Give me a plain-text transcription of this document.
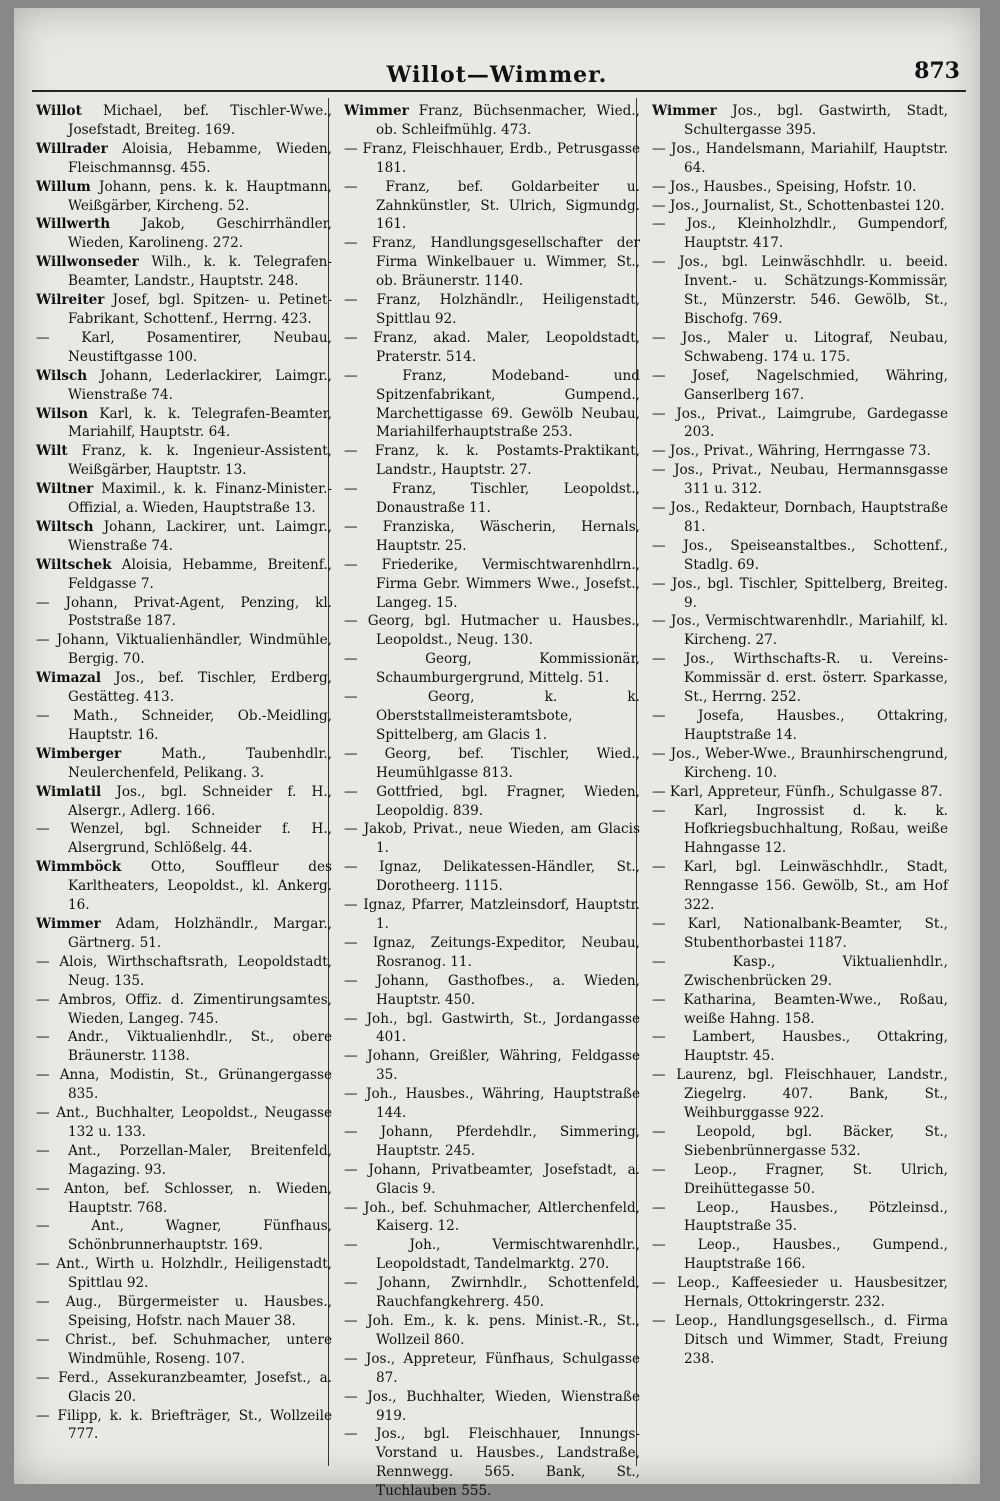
Willot—Wimmer.	873
Willot Michael, bef. Tischler-Wwe., Josefstadt, Breiteg. 169.
Willrader Aloisia, Hebamme, Wieden, Fleischmannsg. 455.
Willum Johann, pens. k. k. Hauptmann, Weißgärber, Kircheng. 52.
Willwerth Jakob, Geschirrhändler, Wieden, Karolineng. 272.
Willwonseder Wilh., k. k. Telegrafen-Beamter, Landstr., Hauptstr. 248.
Wilreiter Josef, bgl. Spitzen- u. Petinet-Fabrikant, Schottenf., Herrng. 423.
— Karl, Posamentirer, Neubau, Neustiftgasse 100.
Wilsch Johann, Lederlackirer, Laimgr., Wienstraße 74.
Wilson Karl, k. k. Telegrafen-Beamter, Mariahilf, Hauptstr. 64.
Wilt Franz, k. k. Ingenieur-Assistent, Weißgärber, Hauptstr. 13.
Wiltner Maximil., k. k. Finanz-Minister.-Offizial, a. Wieden, Hauptstraße 13.
Wiltsch Johann, Lackirer, unt. Laimgr., Wienstraße 74.
Wiltschek Aloisia, Hebamme, Breitenf., Feldgasse 7.
— Johann, Privat-Agent, Penzing, kl. Poststraße 187.
— Johann, Viktualienhändler, Windmühle, Bergig. 70.
Wimazal Jos., bef. Tischler, Erdberg, Gestätteg. 413.
— Math., Schneider, Ob.-Meidling, Hauptstr. 16.
Wimberger Math., Taubenhdlr., Neulerchenfeld, Pelikang. 3.
Wimlatil Jos., bgl. Schneider f. H., Alsergr., Adlerg. 166.
— Wenzel, bgl. Schneider f. H., Alsergrund, Schlößelg. 44.
Wimmböck Otto, Souffleur des Karltheaters, Leopoldst., kl. Ankerg. 16.
Wimmer Adam, Holzhändlr., Margar., Gärtnerg. 51.
— Alois, Wirthschaftsrath, Leopoldstadt, Neug. 135.
— Ambros, Offiz. d. Zimentirungsamtes, Wieden, Langeg. 745.
— Andr., Viktualienhdlr., St., obere Bräunerstr. 1138.
— Anna, Modistin, St., Grünangergasse 835.
— Ant., Buchhalter, Leopoldst., Neugasse 132 u. 133.
— Ant., Porzellan-Maler, Breitenfeld, Magazing. 93.
— Anton, bef. Schlosser, n. Wieden, Hauptstr. 768.
— Ant., Wagner, Fünfhaus, Schönbrunnerhauptstr. 169.
— Ant., Wirth u. Holzhdlr., Heiligenstadt, Spittlau 92.
— Aug., Bürgermeister u. Hausbes., Speising, Hofstr. nach Mauer 38.
— Christ., bef. Schuhmacher, untere Windmühle, Roseng. 107.
— Ferd., Assekuranzbeamter, Josefst., a. Glacis 20.
— Filipp, k. k. Briefträger, St., Wollzeile 777.
Wimmer Franz, Büchsenmacher, Wied., ob. Schleifmühlg. 473.
— Franz, Fleischhauer, Erdb., Petrusgasse 181.
— Franz, bef. Goldarbeiter u. Zahnkünstler, St. Ulrich, Sigmundg. 161.
— Franz, Handlungsgesellschafter der Firma Winkelbauer u. Wimmer, St., ob. Bräunerstr. 1140.
— Franz, Holzhändlr., Heiligenstadt, Spittlau 92.
— Franz, akad. Maler, Leopoldstadt, Praterstr. 514.
— Franz, Modeband- und Spitzenfabrikant, Gumpend., Marchettigasse 69. Gewölb Neubau, Mariahilferhauptstraße 253.
— Franz, k. k. Postamts-Praktikant, Landstr., Hauptstr. 27.
— Franz, Tischler, Leopoldst., Donaustraße 11.
— Franziska, Wäscherin, Hernals, Hauptstr. 25.
— Friederike, Vermischtwarenhdlrn., Firma Gebr. Wimmers Wwe., Josefst., Langeg. 15.
— Georg, bgl. Hutmacher u. Hausbes., Leopoldst., Neug. 130.
— Georg, Kommissionär, Schaumburgergrund, Mittelg. 51.
— Georg, k. k. Oberststallmeisteramtsbote, Spittelberg, am Glacis 1.
— Georg, bef. Tischler, Wied., Heumühlgasse 813.
— Gottfried, bgl. Fragner, Wieden, Leopoldig. 839.
— Jakob, Privat., neue Wieden, am Glacis 1.
— Ignaz, Delikatessen-Händler, St., Dorotheerg. 1115.
— Ignaz, Pfarrer, Matzleinsdorf, Hauptstr. 1.
— Ignaz, Zeitungs-Expeditor, Neubau, Rosranog. 11.
— Johann, Gasthofbes., a. Wieden, Hauptstr. 450.
— Joh., bgl. Gastwirth, St., Jordangasse 401.
— Johann, Greißler, Währing, Feldgasse 35.
— Joh., Hausbes., Währing, Hauptstraße 144.
— Johann, Pferdehdlr., Simmering, Hauptstr. 245.
— Johann, Privatbeamter, Josefstadt, a. Glacis 9.
— Joh., bef. Schuhmacher, Altlerchenfeld, Kaiserg. 12.
— Joh., Vermischtwarenhdlr., Leopoldstadt, Tandelmarktg. 270.
— Johann, Zwirnhdlr., Schottenfeld, Rauchfangkehrerg. 450.
— Joh. Em., k. k. pens. Minist.-R., St., Wollzeil 860.
— Jos., Appreteur, Fünfhaus, Schulgasse 87.
— Jos., Buchhalter, Wieden, Wienstraße 919.
— Jos., bgl. Fleischhauer, Innungs-Vorstand u. Hausbes., Landstraße, Rennwegg. 565. Bank, St., Tuchlauben 555.
Wimmer Jos., bgl. Gastwirth, Stadt, Schultergasse 395.
— Jos., Handelsmann, Mariahilf, Hauptstr. 64.
— Jos., Hausbes., Speising, Hofstr. 10.
— Jos., Journalist, St., Schottenbastei 120.
— Jos., Kleinholzhdlr., Gumpendorf, Hauptstr. 417.
— Jos., bgl. Leinwäschhdlr. u. beeid. Invent.- u. Schätzungs-Kommissär, St., Münzerstr. 546. Gewölb, St., Bischofg. 769.
— Jos., Maler u. Litograf, Neubau, Schwabeng. 174 u. 175.
— Josef, Nagelschmied, Währing, Ganserlberg 167.
— Jos., Privat., Laimgrube, Gardegasse 203.
— Jos., Privat., Währing, Herrngasse 73.
— Jos., Privat., Neubau, Hermannsgasse 311 u. 312.
— Jos., Redakteur, Dornbach, Hauptstraße 81.
— Jos., Speiseanstaltbes., Schottenf., Stadlg. 69.
— Jos., bgl. Tischler, Spittelberg, Breiteg. 9.
— Jos., Vermischtwarenhdlr., Mariahilf, kl. Kircheng. 27.
— Jos., Wirthschafts-R. u. Vereins-Kommissär d. erst. österr. Sparkasse, St., Herrng. 252.
— Josefa, Hausbes., Ottakring, Hauptstraße 14.
— Jos., Weber-Wwe., Braunhirschengrund, Kircheng. 10.
— Karl, Appreteur, Fünfh., Schulgasse 87.
— Karl, Ingrossist d. k. k. Hofkriegsbuchhaltung, Roßau, weiße Hahngasse 12.
— Karl, bgl. Leinwäschhdlr., Stadt, Renngasse 156. Gewölb, St., am Hof 322.
— Karl, Nationalbank-Beamter, St., Stubenthorbastei 1187.
— Kasp., Viktualienhdlr., Zwischenbrücken 29.
— Katharina, Beamten-Wwe., Roßau, weiße Hahng. 158.
— Lambert, Hausbes., Ottakring, Hauptstr. 45.
— Laurenz, bgl. Fleischhauer, Landstr., Ziegelrg. 407. Bank, St., Weihburggasse 922.
— Leopold, bgl. Bäcker, St., Siebenbrünnergasse 532.
— Leop., Fragner, St. Ulrich, Dreihüttegasse 50.
— Leop., Hausbes., Pötzleinsd., Hauptstraße 35.
— Leop., Hausbes., Gumpend., Hauptstraße 166.
— Leop., Kaffeesieder u. Hausbesitzer, Hernals, Ottokringerstr. 232.
— Leop., Handlungsgesellsch., d. Firma Ditsch und Wimmer, Stadt, Freiung 238.
